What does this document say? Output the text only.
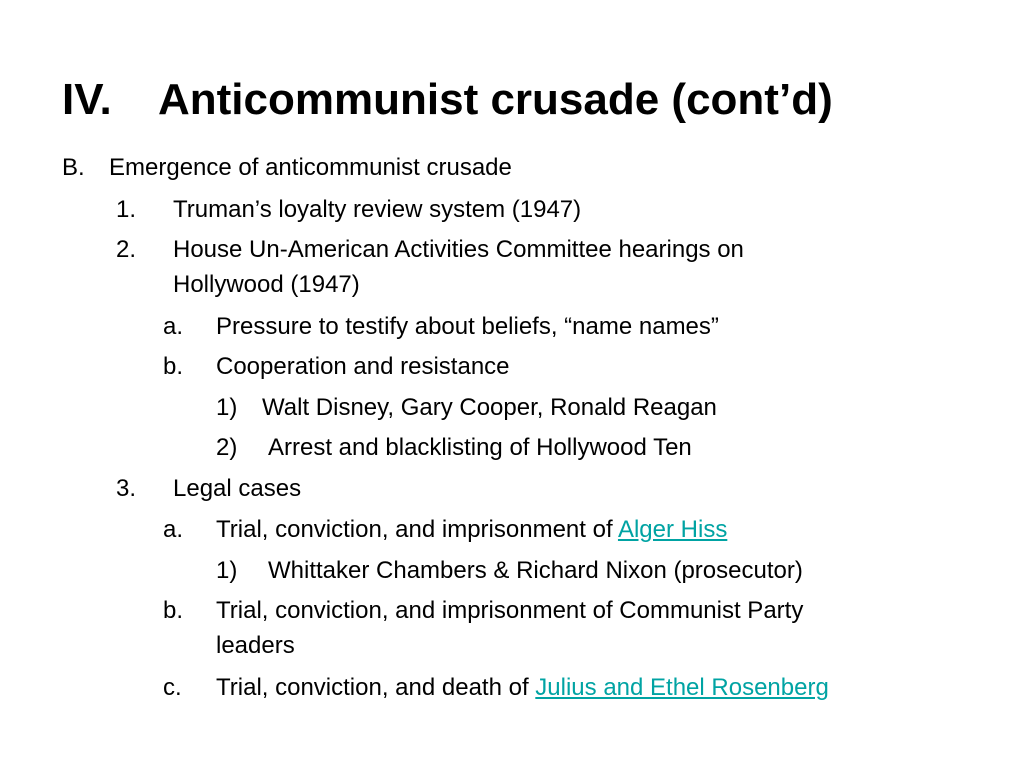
IV. Anticommunist crusade (cont’d)
B. Emergence of anticommunist crusade
1. Truman’s loyalty review system (1947)
2. House Un-American Activities Committee hearings on
Hollywood (1947)
a. Pressure to testify about beliefs, “name names”
b. Cooperation and resistance
1) Walt Disney, Gary Cooper, Ronald Reagan
2) Arrest and blacklisting of Hollywood Ten
3. Legal cases
a. Trial, conviction, and imprisonment of Alger Hiss
1) Whittaker Chambers & Richard Nixon (prosecutor)
b. Trial, conviction, and imprisonment of Communist Party
leaders
c. Trial, conviction, and death of Julius and Ethel Rosenberg
